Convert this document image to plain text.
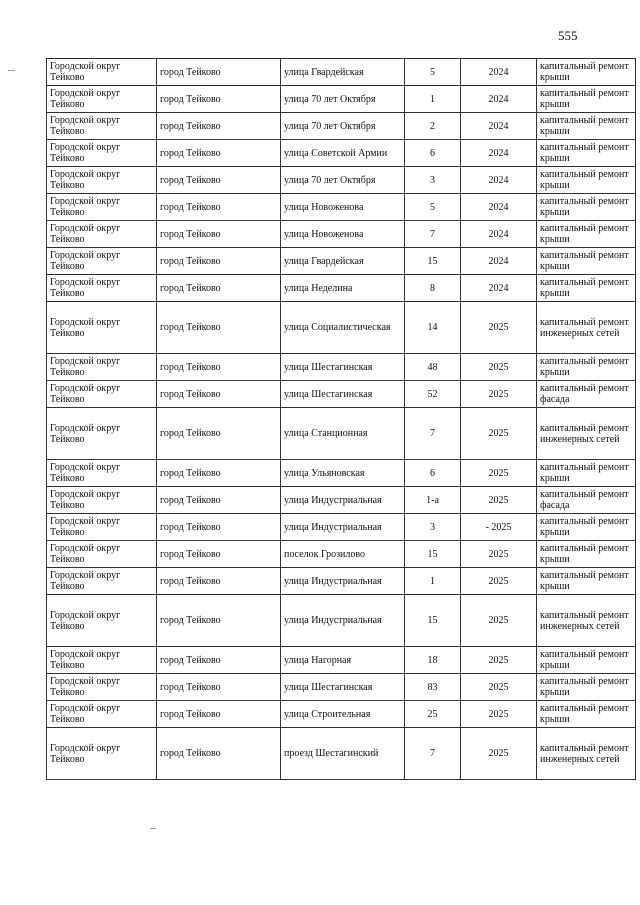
555
Городской округ Тейково	город Тейково	улица Гвардейская	5	2024	капитальный ремонт крыши
Городской округ Тейково	город Тейково	улица 70 лет Октября	1	2024	капитальный ремонт крыши
Городской округ Тейково	город Тейково	улица 70 лет Октября	2	2024	капитальный ремонт крыши
Городской округ Тейково	город Тейково	улица Советской Армии	6	2024	капитальный ремонт крыши
Городской округ Тейково	город Тейково	улица 70 лет Октября	3	2024	капитальный ремонт крыши
Городской округ Тейково	город Тейково	улица Новоженова	5	2024	капитальный ремонт крыши
Городской округ Тейково	город Тейково	улица Новоженова	7	2024	капитальный ремонт крыши
Городской округ Тейково	город Тейково	улица Гвардейская	15	2024	капитальный ремонт крыши
Городской округ Тейково	город Тейково	улица Неделина	8	2024	капитальный ремонт крыши
Городской округ Тейково	город Тейково	улица Социалистическая	14	2025	капитальный ремонт инженерных сетей
Городской округ Тейково	город Тейково	улица Шестагинская	48	2025	капитальный ремонт крыши
Городской округ Тейково	город Тейково	улица Шестагинская	52	2025	капитальный ремонт фасада
Городской округ Тейково	город Тейково	улица Станционная	7	2025	капитальный ремонт инженерных сетей
Городской округ Тейково	город Тейково	улица Ульяновская	6	2025	капитальный ремонт крыши
Городской округ Тейково	город Тейково	улица Индустриальная	1-а	2025	капитальный ремонт фасада
Городской округ Тейково	город Тейково	улица Индустриальная	3	- 2025	капитальный ремонт крыши
Городской округ Тейково	город Тейково	поселок Грозилово	15	2025	капитальный ремонт крыши
Городской округ Тейково	город Тейково	улица Индустриальная	1	2025	капитальный ремонт крыши
Городской округ Тейково	город Тейково	улица Индустриальная	15	2025	капитальный ремонт инженерных сетей
Городской округ Тейково	город Тейково	улица Нагорная	18	2025	капитальный ремонт крыши
Городской округ Тейково	город Тейково	улица Шестагинская	83	2025	капитальный ремонт крыши
Городской округ Тейково	город Тейково	улица Строительная	25	2025	капитальный ремонт крыши
Городской округ Тейково	город Тейково	проезд Шестагинский	7	2025	капитальный ремонт инженерных сетей
